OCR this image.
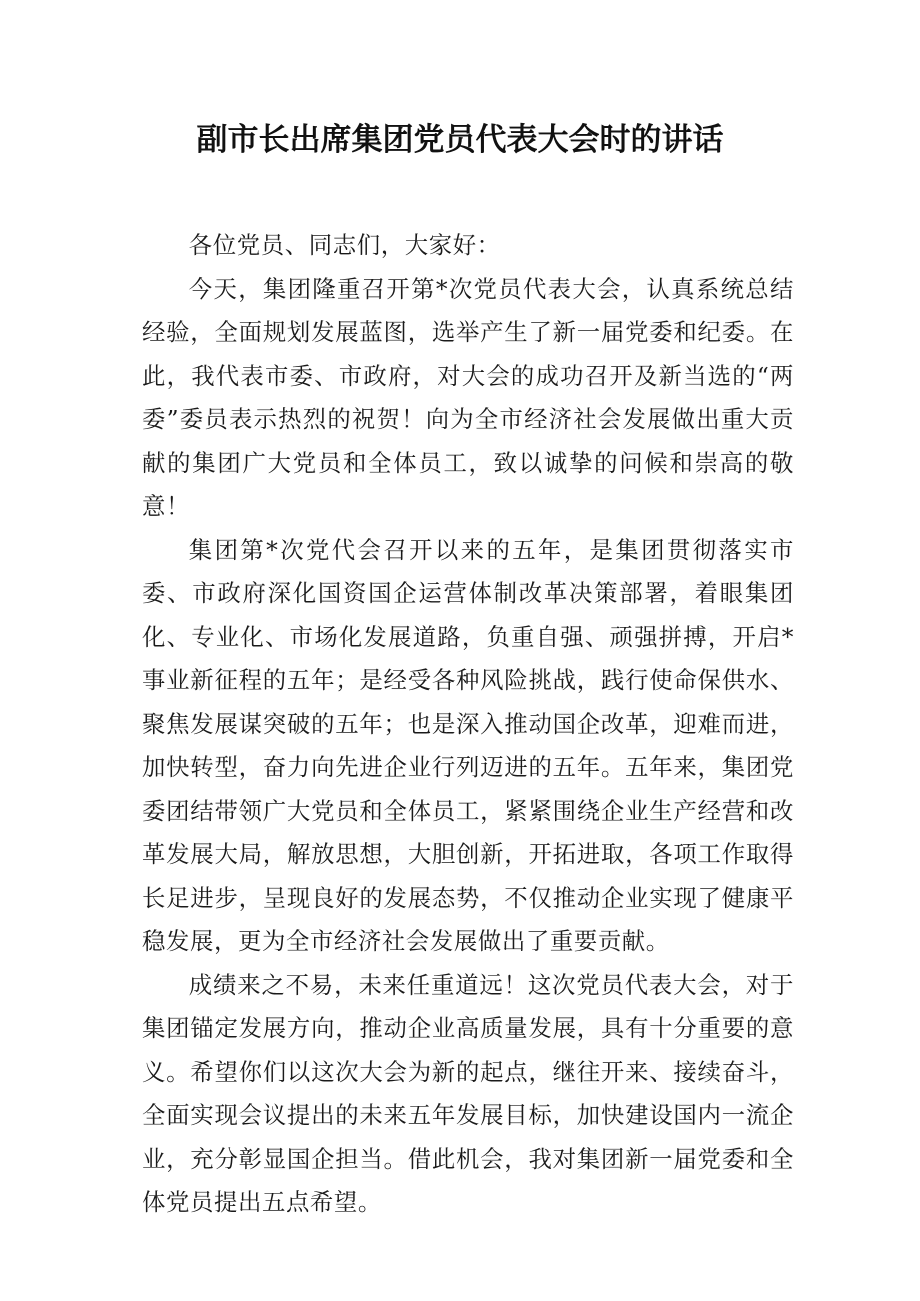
副市长出席集团党员代表大会时的讲话

各位党员、同志们，大家好：

今天，集团隆重召开第*次党员代表大会，认真系统总结经验，全面规划发展蓝图，选举产生了新一届党委和纪委。在此，我代表市委、市政府，对大会的成功召开及新当选的“两委”委员表示热烈的祝贺！向为全市经济社会发展做出重大贡献的集团广大党员和全体员工，致以诚挚的问候和崇高的敬意！

集团第*次党代会召开以来的五年，是集团贯彻落实市委、市政府深化国资国企运营体制改革决策部署，着眼集团化、专业化、市场化发展道路，负重自强、顽强拼搏，开启*事业新征程的五年；是经受各种风险挑战，践行使命保供水、聚焦发展谋突破的五年；也是深入推动国企改革，迎难而进，加快转型，奋力向先进企业行列迈进的五年。五年来，集团党委团结带领广大党员和全体员工，紧紧围绕企业生产经营和改革发展大局，解放思想，大胆创新，开拓进取，各项工作取得长足进步，呈现良好的发展态势，不仅推动企业实现了健康平稳发展，更为全市经济社会发展做出了重要贡献。

成绩来之不易，未来任重道远！这次党员代表大会，对于集团锚定发展方向，推动企业高质量发展，具有十分重要的意义。希望你们以这次大会为新的起点，继往开来、接续奋斗，全面实现会议提出的未来五年发展目标，加快建设国内一流企业，充分彰显国企担当。借此机会，我对集团新一届党委和全体党员提出五点希望。
